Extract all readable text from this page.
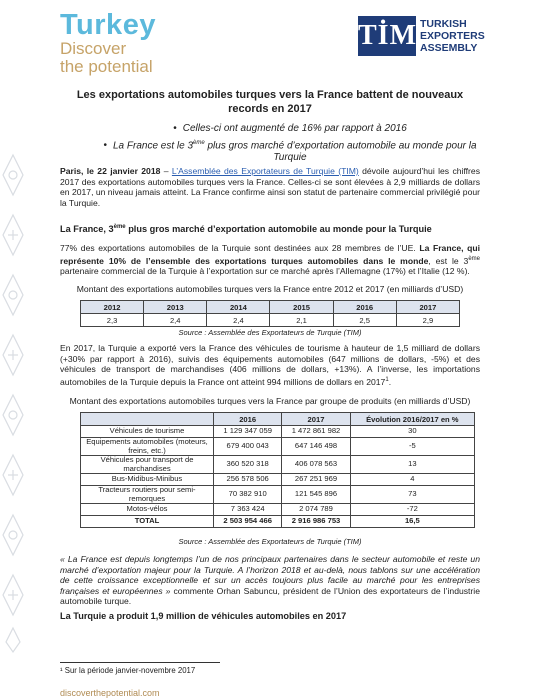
Turkey
Discover
the potential
TİM TURKISH
EXPORTERS
ASSEMBLY
Les exportations automobiles turques vers la France battent de nouveaux records en 2017
• Celles-ci ont augmenté de 16% par rapport à 2016
• La France est le 3ème plus gros marché d’exportation automobile au monde pour la Turquie
Paris, le 22 janvier 2018 – L’Assemblée des Exportateurs de Turquie (TIM) dévoile aujourd’hui les chiffres 2017 des exportations automobiles turques vers la France. Celles-ci se sont élevées à 2,9 milliards de dollars en 2017, un niveau jamais atteint. La France confirme ainsi son statut de partenaire commercial privilégié pour la Turquie.
La France, 3ème plus gros marché d’exportation automobile au monde pour la Turquie
77% des exportations automobiles de la Turquie sont destinées aux 28 membres de l’UE. La France, qui représente 10% de l’ensemble des exportations turques automobiles dans le monde, est le 3ème partenaire commercial de la Turquie à l’exportation sur ce marché après l’Allemagne (17%) et l’Italie (12 %).
Montant des exportations automobiles turques vers la France entre 2012 et 2017 (en milliards d’USD)
2012	2013	2014	2015	2016	2017
2,3	2,4	2,4	2,1	2,5	2,9
Source : Assemblée des Exportateurs de Turquie (TIM)
En 2017, la Turquie a exporté vers la France des véhicules de tourisme à hauteur de 1,5 milliard de dollars (+30% par rapport à 2016), suivis des équipements automobiles (647 millions de dollars, -5%) et des véhicules de transport de marchandises (406 millions de dollars, +13%). A l’inverse, les importations automobiles de la Turquie depuis la France ont atteint 994 millions de dollars en 2017$^1$.
Montant des exportations automobiles turques vers la France par groupe de produits (en milliards d’USD)
	2016	2017	Évolution 2016/2017 en %
Véhicules de tourisme	1 129 347 059	1 472 861 982	30
Equipements automobiles (moteurs, freins, etc.)	679 400 043	647 146 498	-5
Véhicules pour transport de marchandises	360 520 318	406 078 563	13
Bus-Midibus-Minibus	256 578 506	267 251 969	4
Tracteurs routiers pour semi-remorques	70 382 910	121 545 896	73
Motos-vélos	7 363 424	2 074 789	-72
TOTAL	2 503 954 466	2 916 986 753	16,5
Source : Assemblée des Exportateurs de Turquie (TIM)
« La France est depuis longtemps l’un de nos principaux partenaires dans le secteur automobile et reste un marché d’exportation majeur pour la Turquie. A l’horizon 2018 et au-delà, nous tablons sur une accélération de cette croissance exceptionnelle et sur un accès toujours plus facile au marché pour les entreprises françaises et européennes » commente Orhan Sabuncu, président de l’Union des exportateurs de l’industrie automobile turque.
La Turquie a produit 1,9 million de véhicules automobiles en 2017
¹ Sur la période janvier-novembre 2017
discoverthepotential.com
